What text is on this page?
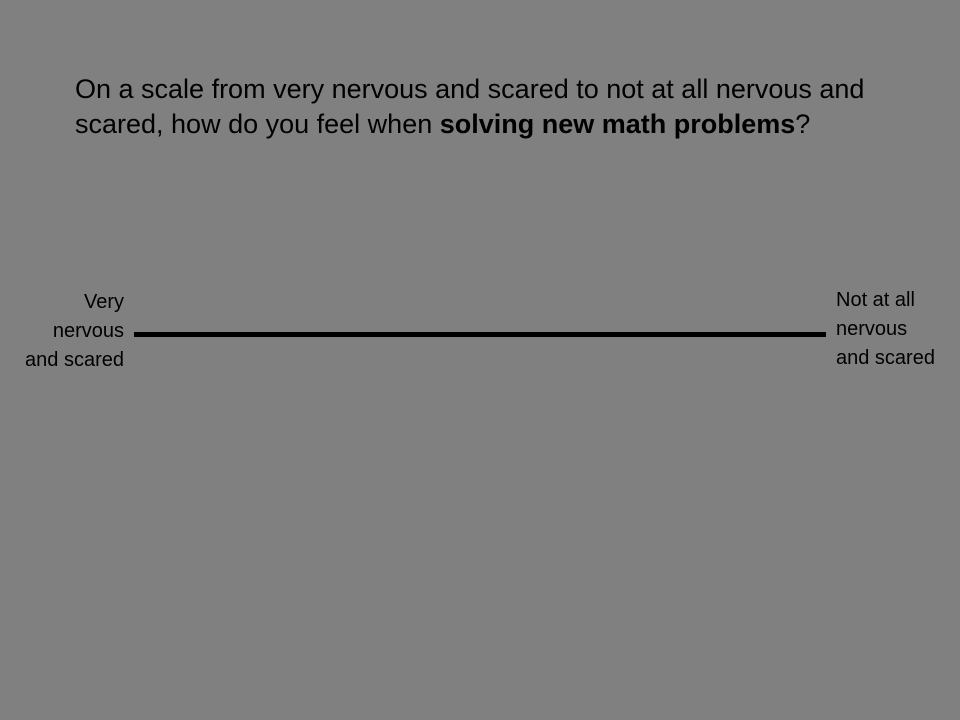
On a scale from very nervous and scared to not at all nervous and scared, how do you feel when solving new math problems?
Very
nervous
and scared
Not at all
nervous
and scared
